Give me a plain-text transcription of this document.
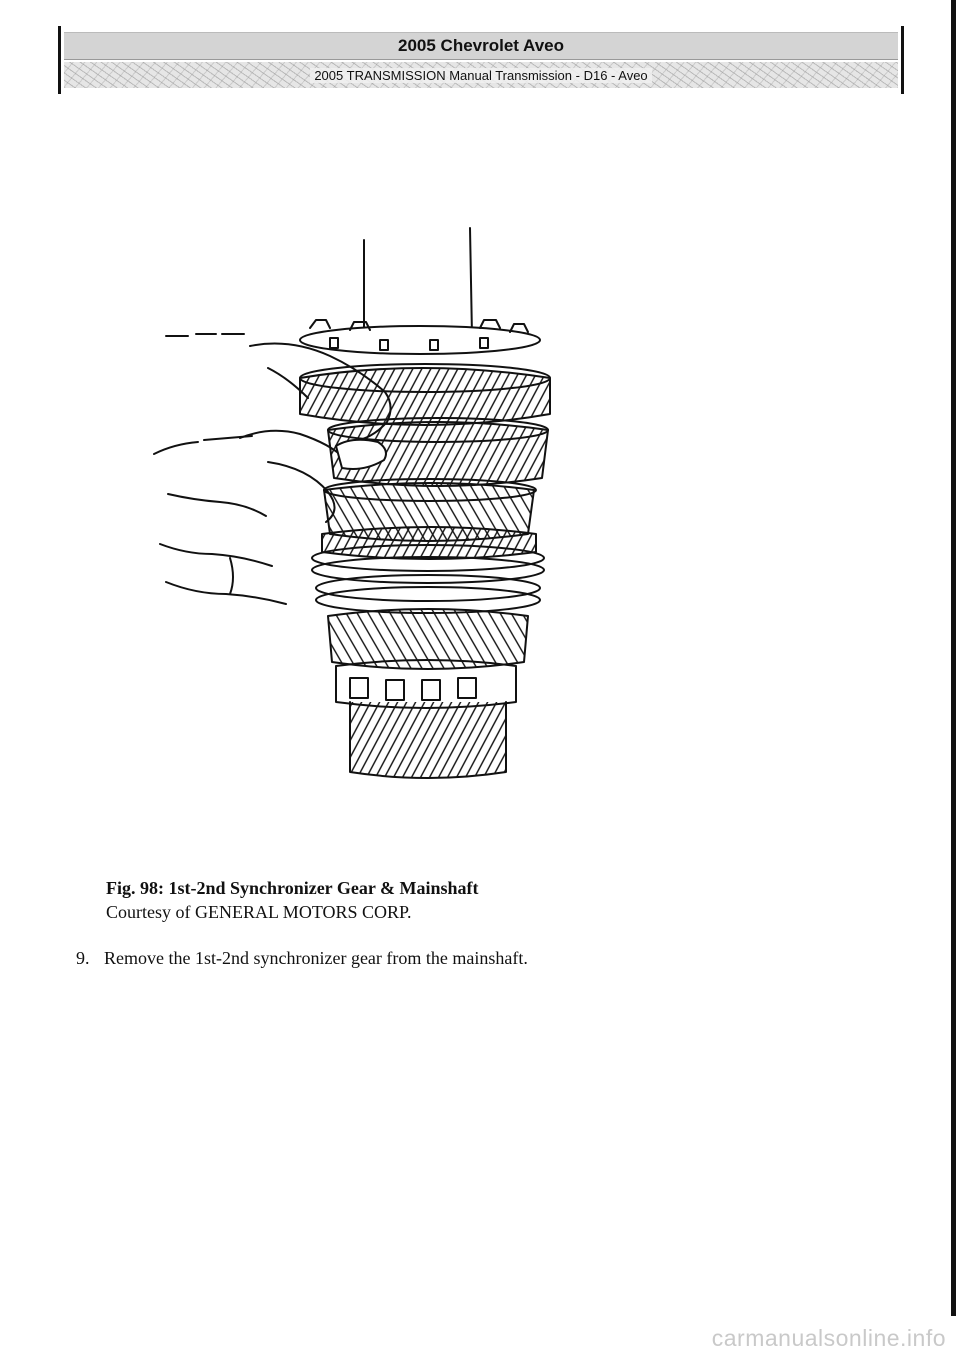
2005 Chevrolet Aveo
2005 TRANSMISSION Manual Transmission - D16 - Aveo
Fig. 98: 1st-2nd Synchronizer Gear & Mainshaft
Courtesy of GENERAL MOTORS CORP.
9. Remove the 1st-2nd synchronizer gear from the mainshaft.
carmanualsonline.info
